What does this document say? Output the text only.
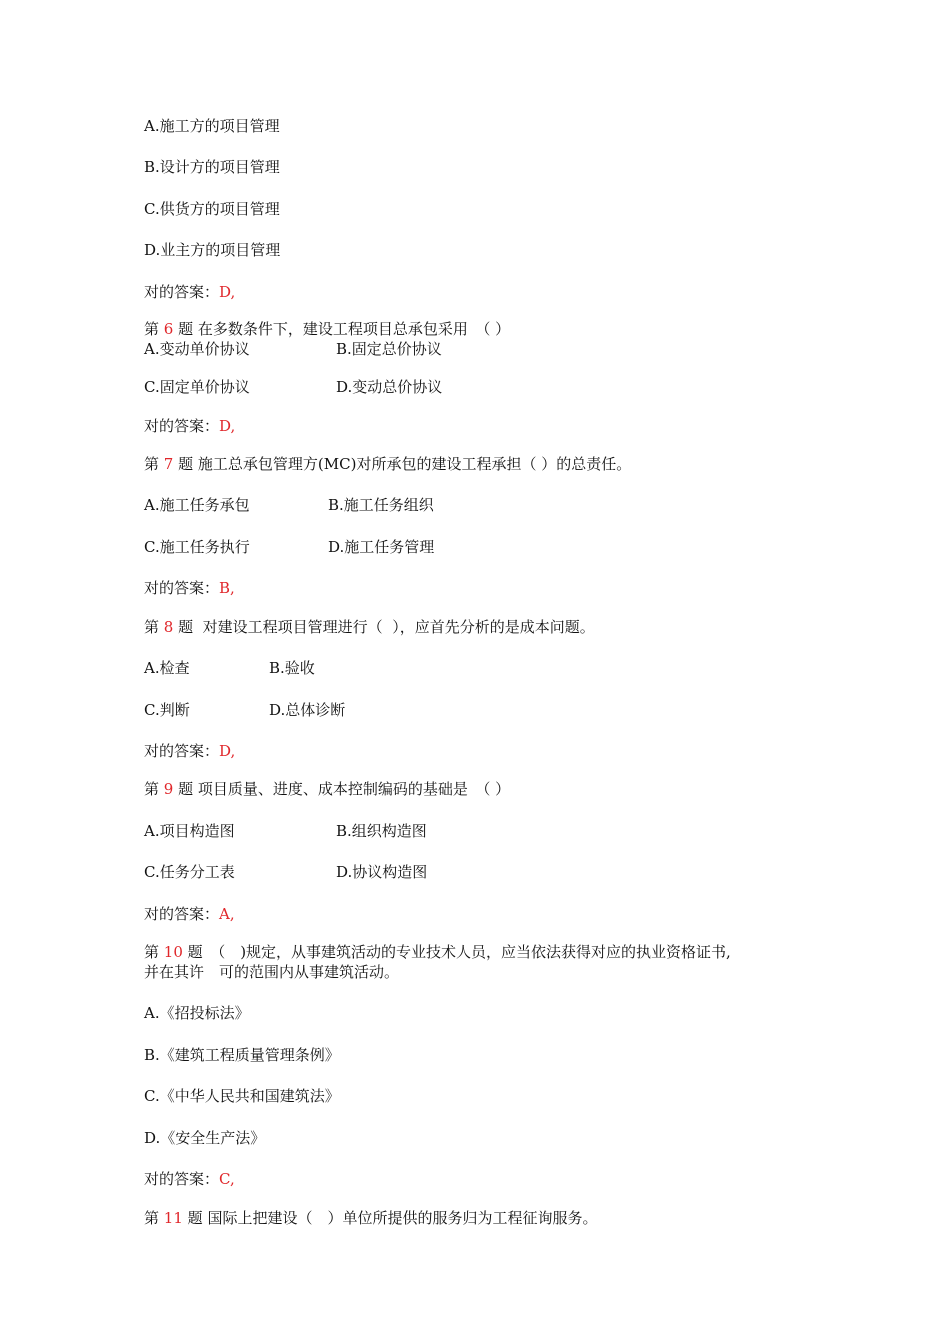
A.施工方的项目管理
B.设计方的项目管理
C.供货方的项目管理
D.业主方的项目管理
对的答案：D,
第 6 题 在多数条件下，建设工程项目总承包采用　（ ）
A.变动单价协议	B.固定总价协议
C.固定单价协议	D.变动总价协议
对的答案：D,
第 7 题 施工总承包管理方(MC)对所承包的建设工程承担（ ）的总责任。
A.施工任务承包	B.施工任务组织
C.施工任务执行	D.施工任务管理
对的答案：B,
第 8 题  对建设工程项目管理进行（  ），应首先分析的是成本问题。
A.检查	B.验收
C.判断	D.总体诊断
对的答案：D,
第 9 题 项目质量、进度、成本控制编码的基础是　（ ）
A.项目构造图	B.组织构造图
C.任务分工表	D.协议构造图
对的答案：A,
第 10 题　（　)规定，从事建筑活动的专业技术人员，应当依法获得对应的执业资格证书,
并在其许　可的范围内从事建筑活动。
A.《招投标法》
B.《建筑工程质量管理条例》
C.《中华人民共和国建筑法》
D.《安全生产法》
对的答案：C,
第 11 题 国际上把建设（　）单位所提供的服务归为工程征询服务。
